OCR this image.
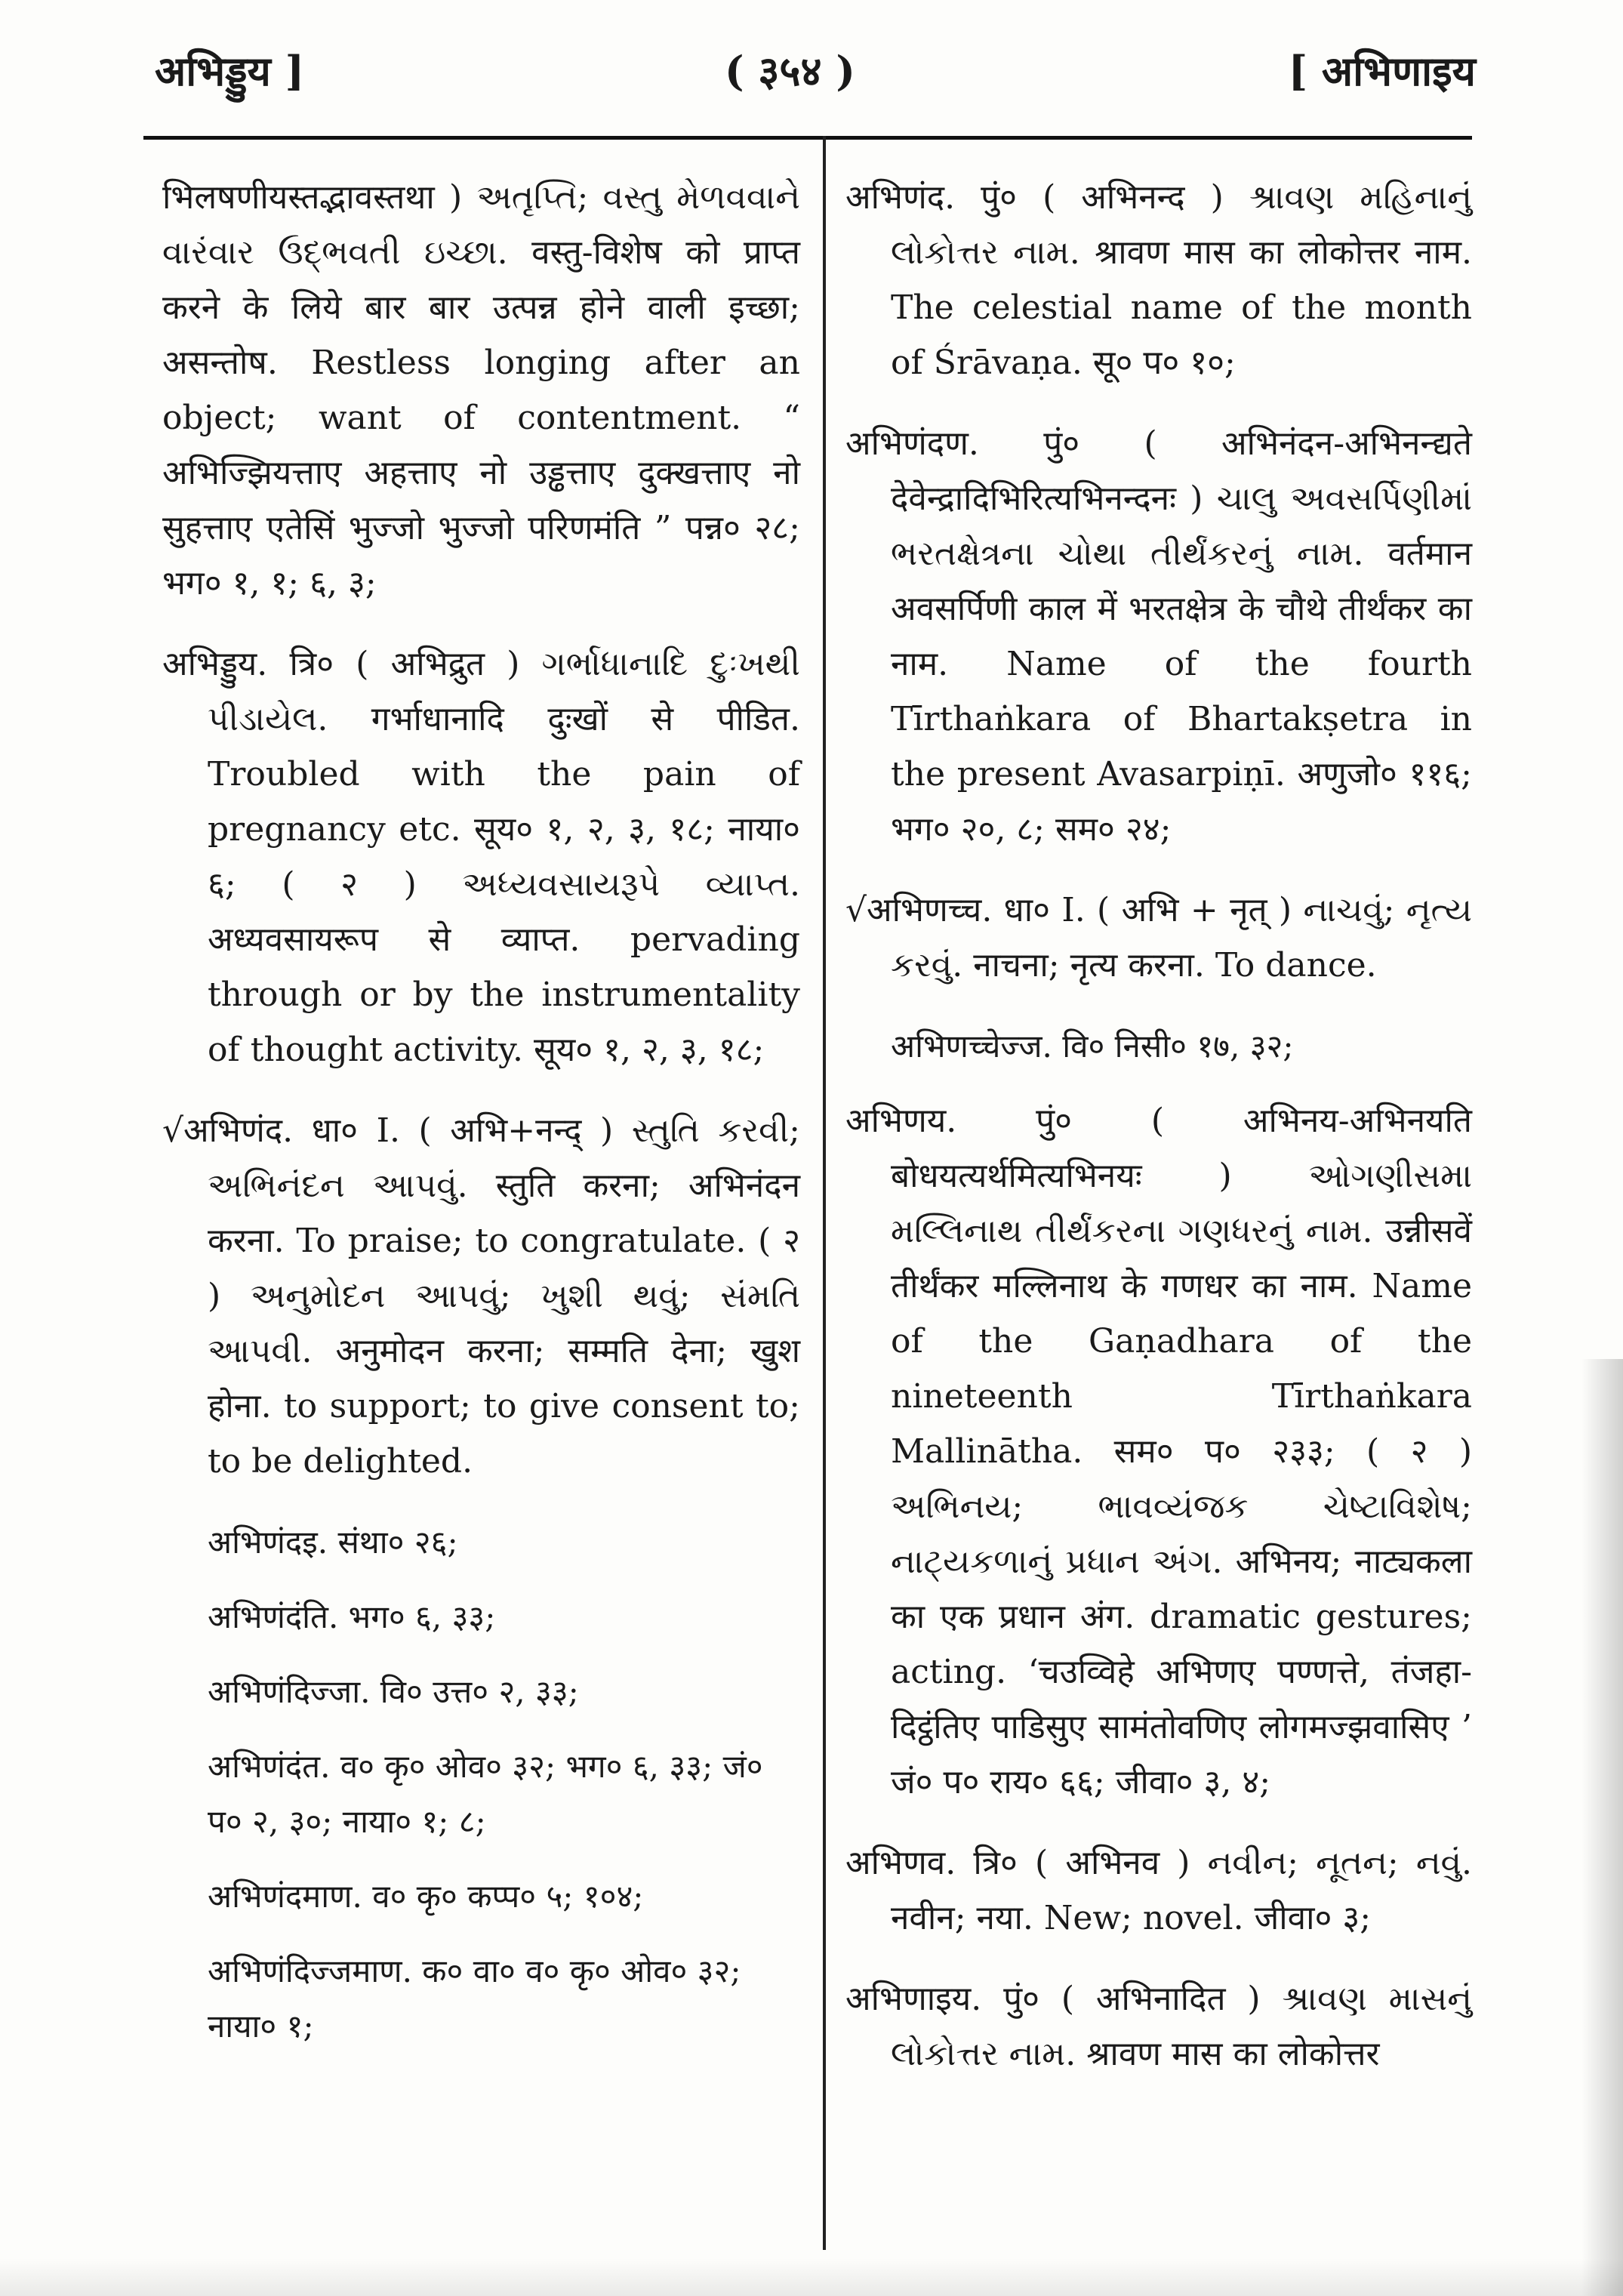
अभिड्डुय ]	( ३५४ )	[ अभिणाइय

भिलषणीयस्तद्भावस्तथा ) અતૃપ્તિ; વસ્તુ મેળવવાને વારંવાર ઉદ્ભવતી ઇચ્છા. वस्तु-विशेष को प्राप्त करने के लिये बार बार उत्पन्न होने वाली इच्छा; असन्तोष. Restless longing after an object; want of contentment. “ अभिज्झियत्ताए अहत्ताए नो उड्ढत्ताए दुक्खत्ताए नो सुहत्ताए एतेसिं भुज्जो भुज्जो परिणमंति ” पन्न० २८; भग० १, १; ६, ३;

अभिड्डुय. त्रि० ( अभिद्रुत ) ગર્ભાધાનાદિ દુઃખથી પીડાયેલ. गर्भाधानादि दुःखों से पीडित. Troubled with the pain of pregnancy etc. सूय० १, २, ३, १८; नाया० ६; ( २ ) અધ્યવસાયરૂપે વ્યાપ્ત. अध्यवसायरूप से व्याप्त. pervading through or by the instrumentality of thought activity. सूय० १, २, ३, १८;

√अभिणंद. धा० I. ( अभि+नन्द् ) સ્તુતિ કરવી; અભિનંદન આપવું. स्तुति करना; अभिनंदन करना. To praise; to congratulate. ( २ ) અનુમોદન આપવું; ખુશી થવું; સંમતિ આપવી. अनुमोदन करना; सम्मति देना; खुश होना. to support; to give consent to; to be delighted.

अभिणंदइ. संथा० २६;

अभिणंदंति. भग० ६, ३३;

अभिणंदिज्जा. वि० उत्त० २, ३३;

अभिणंदंत. व० कृ० ओव० ३२; भग० ६, ३३; जं० प० २, ३०; नाया० १; ८;

अभिणंदमाण. व० कृ० कप्प० ५; १०४;

अभिणंदिज्जमाण. क० वा० व० कृ० ओव० ३२; नाया० १;

अभिणंद. पुं० ( अभिनन्द ) શ્રાવણ મહિનાનું લોકોત્તર નામ. श्रावण मास का लोकोत्तर नाम. The celestial name of the month of Śrāvaṇa. सू० प० १०;

अभिणंदण. पुं० ( अभिनंदन-अभिनन्द्यते देवेन्द्रादिभिरित्यभिनन्दनः ) ચાલુ અવસર્પિણીમાં ભરતક્ષેત્રના ચોથા તીર્થંકરનું નામ. वर्तमान अवसर्पिणी काल में भरतक्षेत्र के चौथे तीर्थंकर का नाम. Name of the fourth Tīrthaṅkara of Bhartakṣetra in the present Avasarpiṇī. अणुजो० ११६; भग० २०, ८; सम० २४;

√अभिणच्च. धा० I. ( अभि + नृत् ) નાચવું; નૃત્ય કરવું. नाचना; नृत्य करना. To dance.

अभिणच्चेज्ज. वि० निसी० १७, ३२;

अभिणय. पुं० ( अभिनय-अभिनयति बोधयत्यर्थमित्यभिनयः ) ઓગણીસમા મલ્લિનાથ તીર્થંકરના ગણધરનું નામ. उन्नीसवें तीर्थंकर मल्लिनाथ के गणधर का नाम. Name of the Gaṇadhara of the nineteenth Tīrthaṅkara Mallinātha. सम० प० २३३; ( २ ) અભિનય; ભાવવ્યંજક ચેષ્ટાવિશેષ; નાટ્યકળાનું પ્રધાન અંગ. अभिनय; नाट्यकला का एक प्रधान अंग. dramatic gestures; acting. ‘चउव्विहे अभिणए पण्णत्ते, तंजहा-दिट्ठंतिए पाडिसुए सामंतोवणिए लोगमज्झवासिए ’ जं० प० राय० ६६; जीवा० ३, ४;

अभिणव. त्रि० ( अभिनव ) નવીન; નૂતન; નવું. नवीन; नया. New; novel. जीवा० ३;

अभिणाइय. पुं० ( अभिनादित ) શ્રાવણ માસનું લોકોત્તર નામ. श्रावण मास का लोकोत्तर
